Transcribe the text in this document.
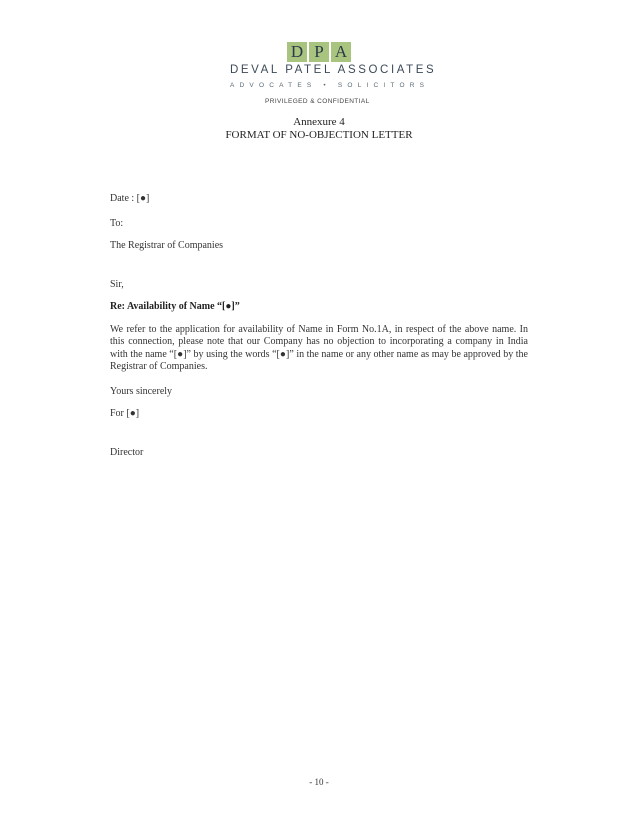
D P A
DEVAL PATEL ASSOCIATES
ADVOCATES • SOLICITORS
PRIVILEGED & CONFIDENTIAL
Annexure 4
FORMAT OF NO-OBJECTION LETTER
Date : [●]
To:
The Registrar of Companies
Sir,
Re: Availability of Name “[●]”
We refer to the application for availability of Name in Form No.1A, in respect of the above name. In this connection, please note that our Company has no objection to incorporating a company in India with the name “[●]” by using the words “[●]” in the name or any other name as may be approved by the Registrar of Companies.
Yours sincerely
For [●]
Director
- 10 -
